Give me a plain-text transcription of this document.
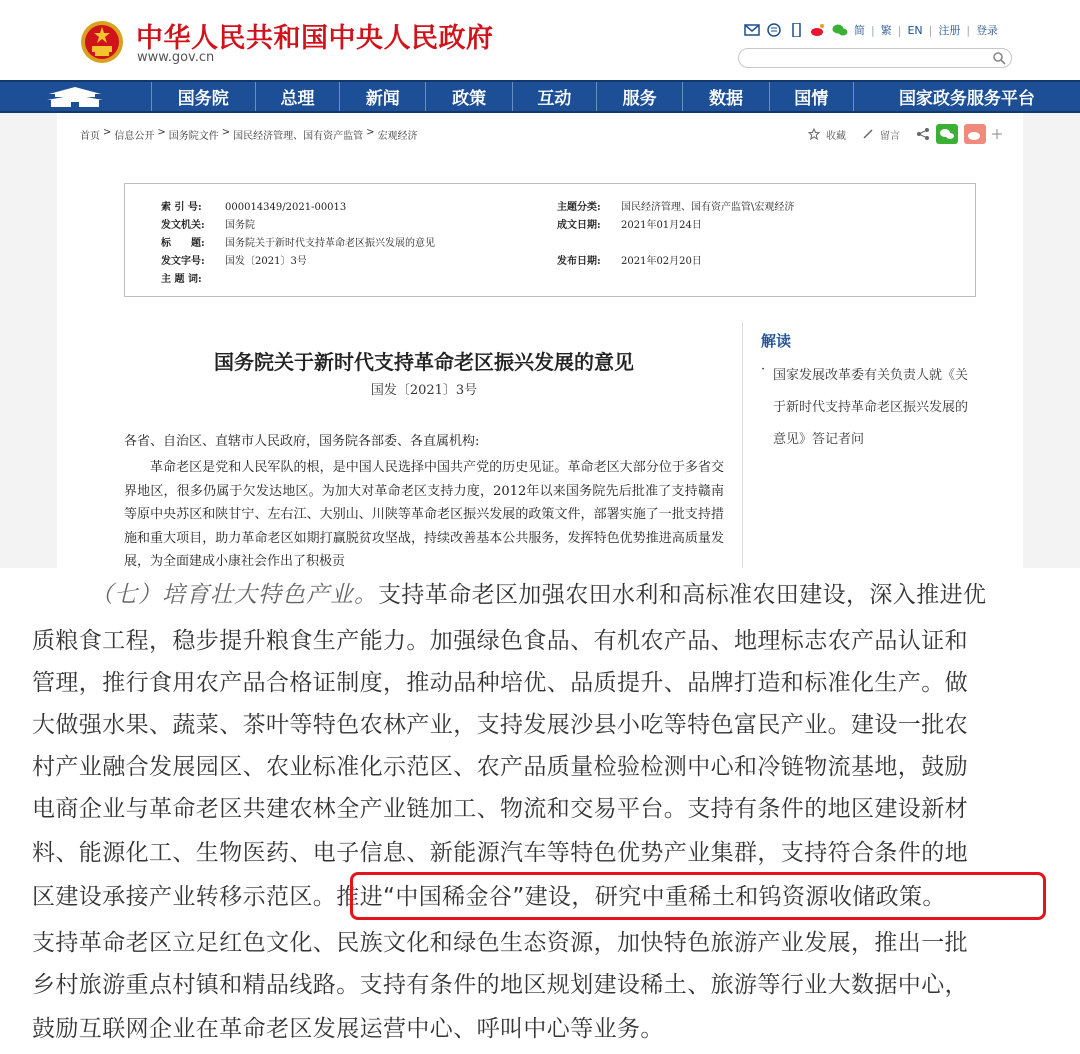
中华人民共和国中央人民政府
www.gov.cn
简 | 繁 | EN | 注册 | 登录
国务院	总理	新闻	政策	互动	服务	数据	国情	国家政务服务平台
首页 > 信息公开 > 国务院文件 > 国民经济管理、国有资产监管 > 宏观经济	收藏	留言
索 引 号: 000014349/2021-00013
发文机关: 国务院
标　　题: 国务院关于新时代支持革命老区振兴发展的意见
发文字号: 国发〔2021〕3号
主 题 词:
主题分类: 国民经济管理、国有资产监管\宏观经济
成文日期: 2021年01月24日
发布日期: 2021年02月20日
国务院关于新时代支持革命老区振兴发展的意见
国发〔2021〕3号
各省、自治区、直辖市人民政府，国务院各部委、各直属机构:
革命老区是党和人民军队的根，是中国人民选择中国共产党的历史见证。革命老区大部分位于多省交界地区，很多仍属于欠发达地区。为加大对革命老区支持力度，2012年以来国务院先后批准了支持赣南等原中央苏区和陕甘宁、左右江、大别山、川陕等革命老区振兴发展的政策文件，部署实施了一批支持措施和重大项目，助力革命老区如期打赢脱贫攻坚战，持续改善基本公共服务，发挥特色优势推进高质量发展，为全面建成小康社会作出了积极贡
解读
· 国家发展改革委有关负责人就《关于新时代支持革命老区振兴发展的意见》答记者问
（七）培育壮大特色产业。支持革命老区加强农田水利和高标准农田建设，深入推进优
质粮食工程，稳步提升粮食生产能力。加强绿色食品、有机农产品、地理标志农产品认证和
管理，推行食用农产品合格证制度，推动品种培优、品质提升、品牌打造和标准化生产。做
大做强水果、蔬菜、茶叶等特色农林产业，支持发展沙县小吃等特色富民产业。建设一批农
村产业融合发展园区、农业标准化示范区、农产品质量检验检测中心和冷链物流基地，鼓励
电商企业与革命老区共建农林全产业链加工、物流和交易平台。支持有条件的地区建设新材
料、能源化工、生物医药、电子信息、新能源汽车等特色优势产业集群，支持符合条件的地
区建设承接产业转移示范区。推进“中国稀金谷”建设，研究中重稀土和钨资源收储政策。
支持革命老区立足红色文化、民族文化和绿色生态资源，加快特色旅游产业发展，推出一批
乡村旅游重点村镇和精品线路。支持有条件的地区规划建设稀土、旅游等行业大数据中心，
鼓励互联网企业在革命老区发展运营中心、呼叫中心等业务。
